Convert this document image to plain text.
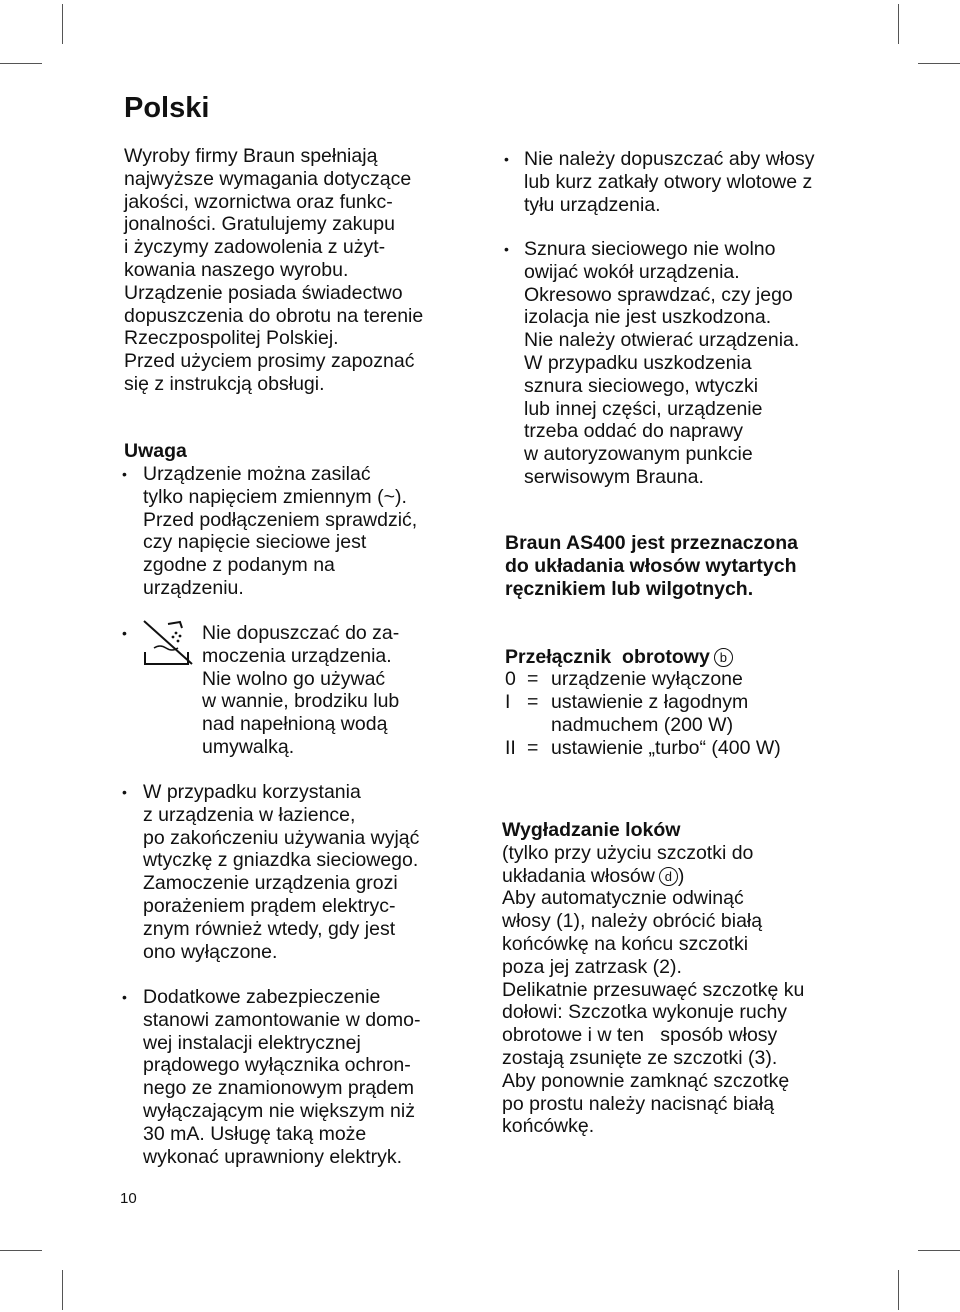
Polski
Wyroby firmy Braun spełniają
najwyższe wymagania dotyczące
jakości, wzornictwa oraz funkc-
jonalności. Gratulujemy zakupu
i życzymy zadowolenia z użyt-
kowania naszego wyrobu.
Urządzenie posiada świadectwo
dopuszczenia do obrotu na terenie
Rzeczpospolitej Polskiej.
Przed użyciem prosimy zapoznać
się z instrukcją obsługi.
Uwaga
• Urządzenie można zasilać
tylko napięciem zmiennym (~).
Przed podłączeniem sprawdzić,
czy napięcie sieciowe jest
zgodne z podanym na
urządzeniu.
•	Nie dopuszczać do za-
moczenia urządzenia.
Nie wolno go używać
w wannie, brodziku lub
nad napełnioną wodą
umywalką.
• W przypadku korzystania
z urządzenia w łazience,
po zakończeniu używania wyjąć
wtyczkę z gniazdka sieciowego.
Zamoczenie urządzenia grozi
porażeniem prądem elektryc-
znym również wtedy, gdy jest
ono wyłączone.
• Dodatkowe zabezpieczenie
stanowi zamontowanie w domo-
wej instalacji elektrycznej
prądowego wyłącznika ochron-
nego ze znamionowym prądem
wyłączającym nie większym niż
30 mA. Usługę taką może
wykonać uprawniony elektryk.
10
• Nie należy dopuszczać aby włosy
lub kurz zatkały otwory wlotowe z
tyłu urządzenia.
• Sznura sieciowego nie wolno
owijać wokół urządzenia.
Okresowo sprawdzać, czy jego
izolacja nie jest uszkodzona.
Nie należy otwierać urządzenia.
W przypadku uszkodzenia
sznura sieciowego, wtyczki
lub innej części, urządzenie
trzeba oddać do naprawy
w autoryzowanym punkcie
serwisowym Brauna.
Braun AS400 jest przeznaczona
do układania włosów wytartych
ręcznikiem lub wilgotnych.
Przełącznik  obrotowy b
0 = urządzenie wyłączone
I = ustawienie z łagodnym
nadmuchem (200 W)
II = ustawienie „turbo“ (400 W)
Wygładzanie loków
(tylko przy użyciu szczotki do
układania włosów d )
Aby automatycznie odwinąć
włosy (1), należy obrócić białą
końcówkę na końcu szczotki
poza jej zatrzask (2).
Delikatnie przesuwaęć szczotkę ku
dołowi: Szczotka wykonuje ruchy
obrotowe i w ten   sposób włosy
zostają zsunięte ze szczotki (3).
Aby ponownie zamknąć szczotkę
po prostu należy nacisnąć białą
końcówkę.
